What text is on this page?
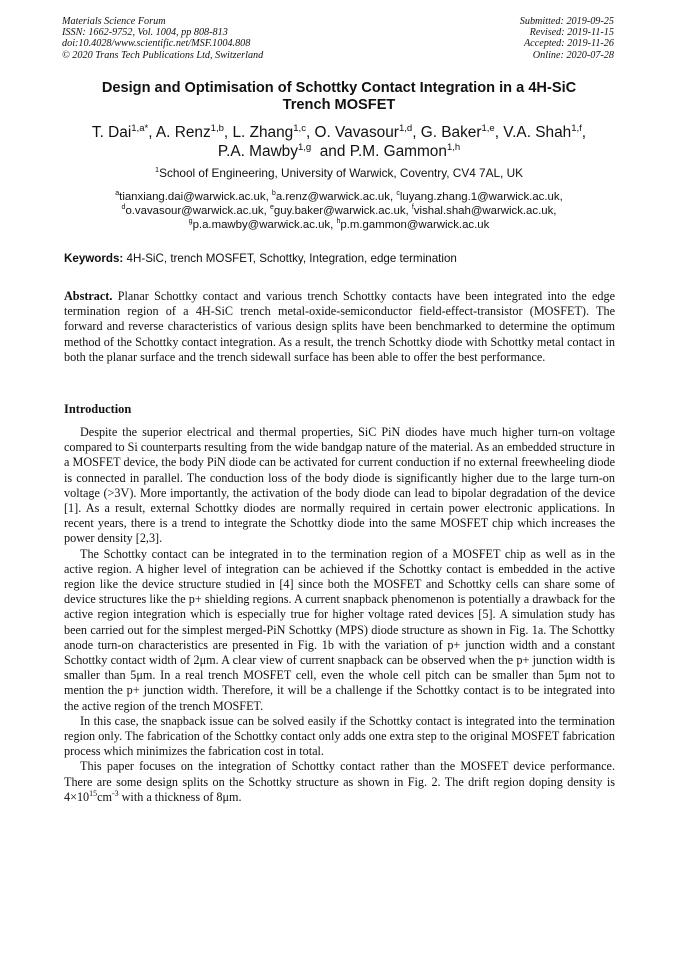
Materials Science Forum
ISSN: 1662-9752, Vol. 1004, pp 808-813
doi:10.4028/www.scientific.net/MSF.1004.808
© 2020 Trans Tech Publications Ltd, Switzerland
Submitted: 2019-09-25
Revised: 2019-11-15
Accepted: 2019-11-26
Online: 2020-07-28
Design and Optimisation of Schottky Contact Integration in a 4H-SiC
Trench MOSFET
T. Dai$^{1,a*}$, A. Renz$^{1,b}$, L. Zhang$^{1,c}$, O. Vavasour$^{1,d}$, G. Baker$^{1,e}$, V.A. Shah$^{1,f}$,
P.A. Mawby$^{1,g}$  and P.M. Gammon$^{1,h}$
$^1$School of Engineering, University of Warwick, Coventry, CV4 7AL, UK
$^a$tianxiang.dai@warwick.ac.uk, $^b$a.renz@warwick.ac.uk, $^c$luyang.zhang.1@warwick.ac.uk,
$^d$o.vavasour@warwick.ac.uk, $^e$guy.baker@warwick.ac.uk, $^f$vishal.shah@warwick.ac.uk,
$^g$p.a.mawby@warwick.ac.uk, $^h$p.m.gammon@warwick.ac.uk
Keywords: 4H-SiC, trench MOSFET, Schottky, Integration, edge termination
Abstract. Planar Schottky contact and various trench Schottky contacts have been integrated into the edge termination region of a 4H-SiC trench metal-oxide-semiconductor field-effect-transistor (MOSFET). The forward and reverse characteristics of various design splits have been benchmarked to determine the optimum method of the Schottky contact integration. As a result, the trench Schottky diode with Schottky metal contact in both the planar surface and the trench sidewall surface has been able to offer the best performance.
Introduction

Despite the superior electrical and thermal properties, SiC PiN diodes have much higher turn-on voltage compared to Si counterparts resulting from the wide bandgap nature of the material. As an embedded structure in a MOSFET device, the body PiN diode can be activated for current conduction if no external freewheeling diode is connected in parallel. The conduction loss of the body diode is significantly higher due to the large turn-on voltage (>3V). More importantly, the activation of the body diode can lead to bipolar degradation of the device [1]. As a result, external Schottky diodes are normally required in certain power electronic applications. In recent years, there is a trend to integrate the Schottky diode into the same MOSFET chip which increases the power density [2,3].

The Schottky contact can be integrated in to the termination region of a MOSFET chip as well as in the active region. A higher level of integration can be achieved if the Schottky contact is embedded in the active region like the device structure studied in [4] since both the MOSFET and Schottky cells can share some of device structures like the p+ shielding regions. A current snapback phenomenon is potentially a drawback for the active region integration which is especially true for higher voltage rated devices [5]. A simulation study has been carried out for the simplest merged-PiN Schottky (MPS) diode structure as shown in Fig. 1a. The Schottky anode turn-on characteristics are presented in Fig. 1b with the variation of p+ junction width and a constant Schottky contact width of 2μm. A clear view of current snapback can be observed when the p+ junction width is smaller than 5μm. In a real trench MOSFET cell, even the whole cell pitch can be smaller than 5μm not to mention the p+ junction width. Therefore, it will be a challenge if the Schottky contact is to be integrated into the active region of the trench MOSFET.

In this case, the snapback issue can be solved easily if the Schottky contact is integrated into the termination region only. The fabrication of the Schottky contact only adds one extra step to the original MOSFET fabrication process which minimizes the fabrication cost in total.

This paper focuses on the integration of Schottky contact rather than the MOSFET device performance. There are some design splits on the Schottky structure as shown in Fig. 2. The drift region doping density is $4\times 10^{15}cm^{-3}$ with a thickness of 8μm.
